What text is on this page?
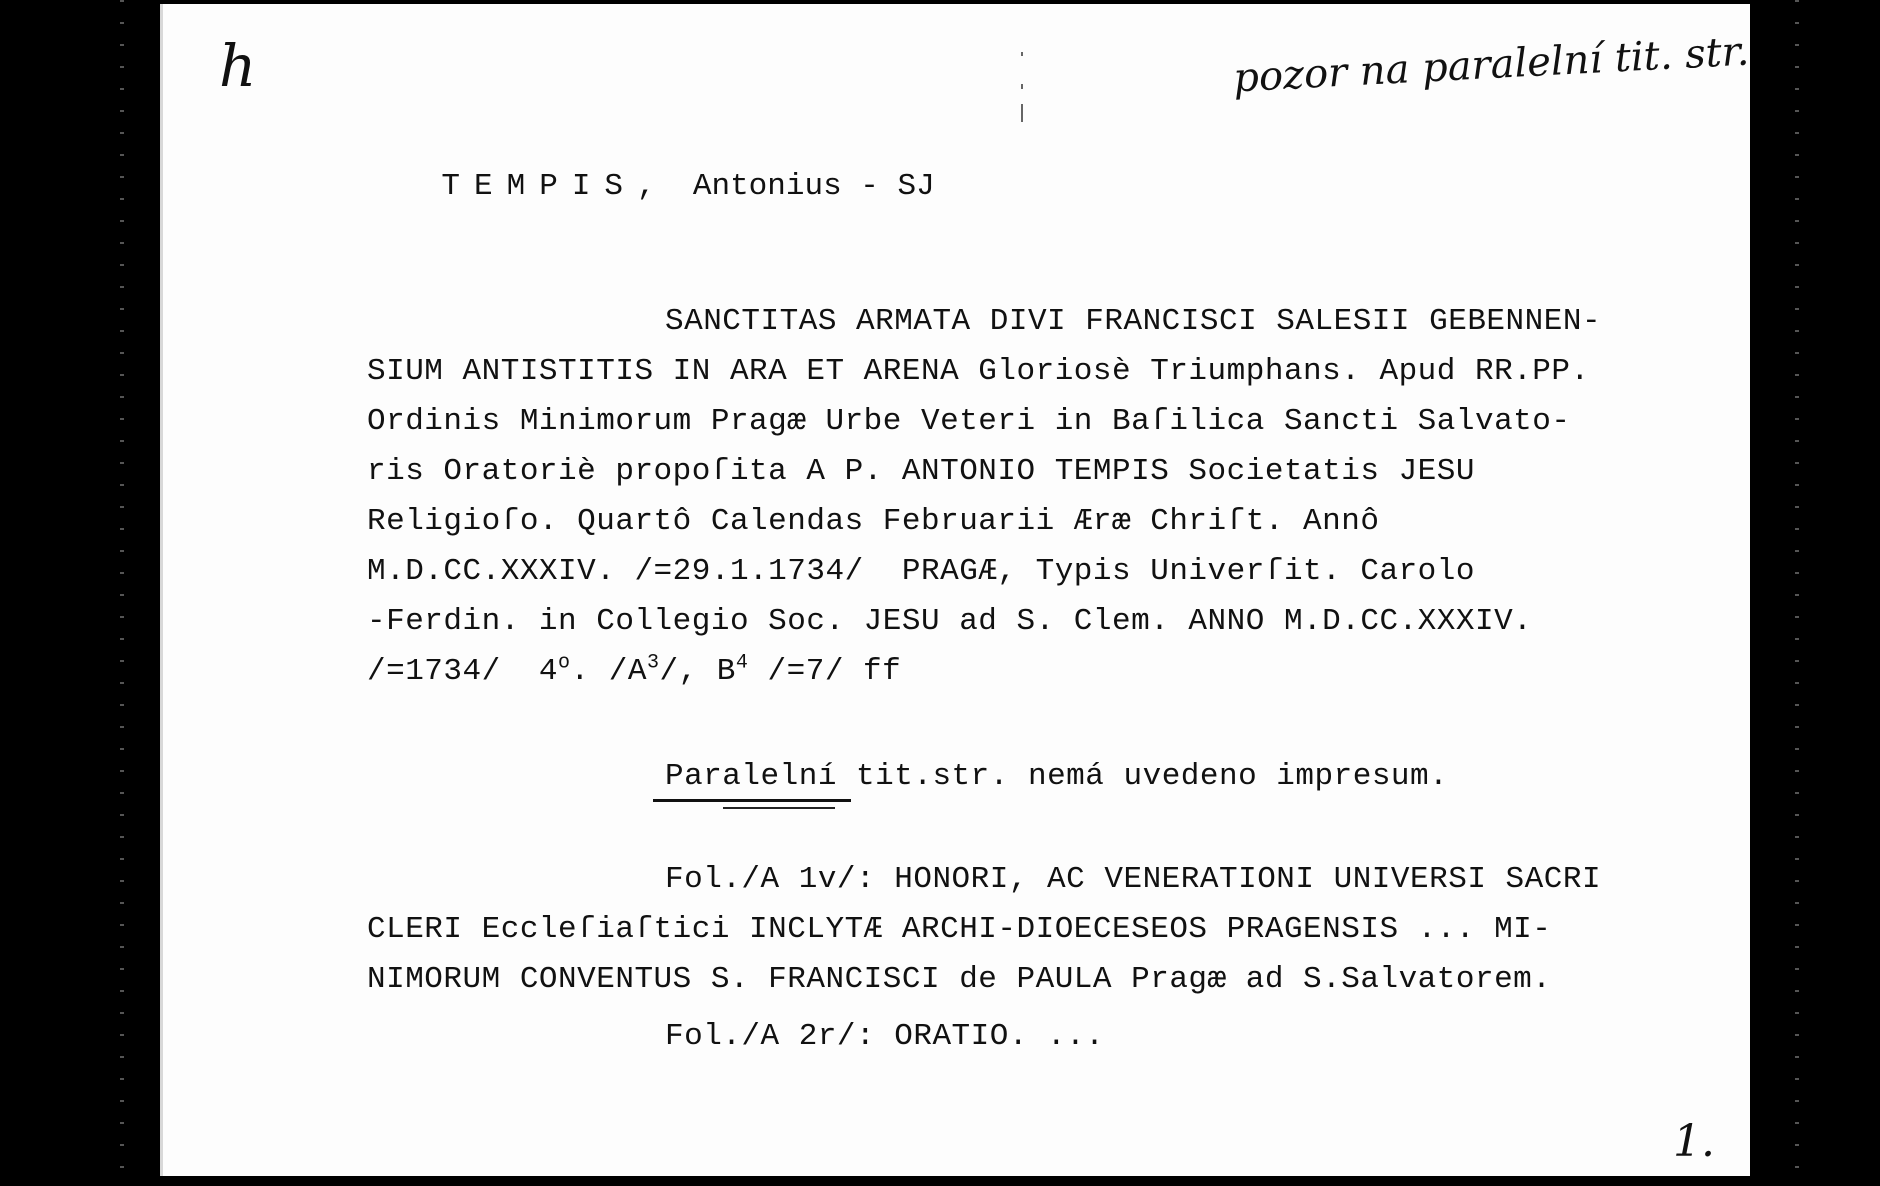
h	pozor na paralelní tit. str.

TEMPIS, Antonius - SJ

SANCTITAS ARMATA DIVI FRANCISCI SALESII GEBENNEN-
SIUM ANTISTITIS IN ARA ET ARENA Gloriosè Triumphans. Apud RR.PP.
Ordinis Minimorum Pragæ Urbe Veteri in Baſilica Sancti Salvato-
ris Oratoriè propoſita A P. ANTONIO TEMPIS Societatis JESU
Religioſo. Quartô Calendas Februarii Æræ Chriſt. Annô
M.D.CC.XXXIV. /=29.1.1734/  PRAGÆ, Typis Univerſit. Carolo
-Ferdin. in Collegio Soc. JESU ad S. Clem. ANNO M.D.CC.XXXIV.
/=1734/  4$^o$. $/A^3/$, $B^4$ /=7/ ff
Paralelní tit.str. nemá uvedeno impresum.
Fol./A 1v/: HONORI, AC VENERATIONI UNIVERSI SACRI
CLERI Eccleſiaſtici INCLYTÆ ARCHI-DIOECESEOS PRAGENSIS ... MI-
NIMORUM CONVENTUS S. FRANCISCI de PAULA Pragæ ad S.Salvatorem.
Fol./A 2r/: ORATIO. ...
1.
